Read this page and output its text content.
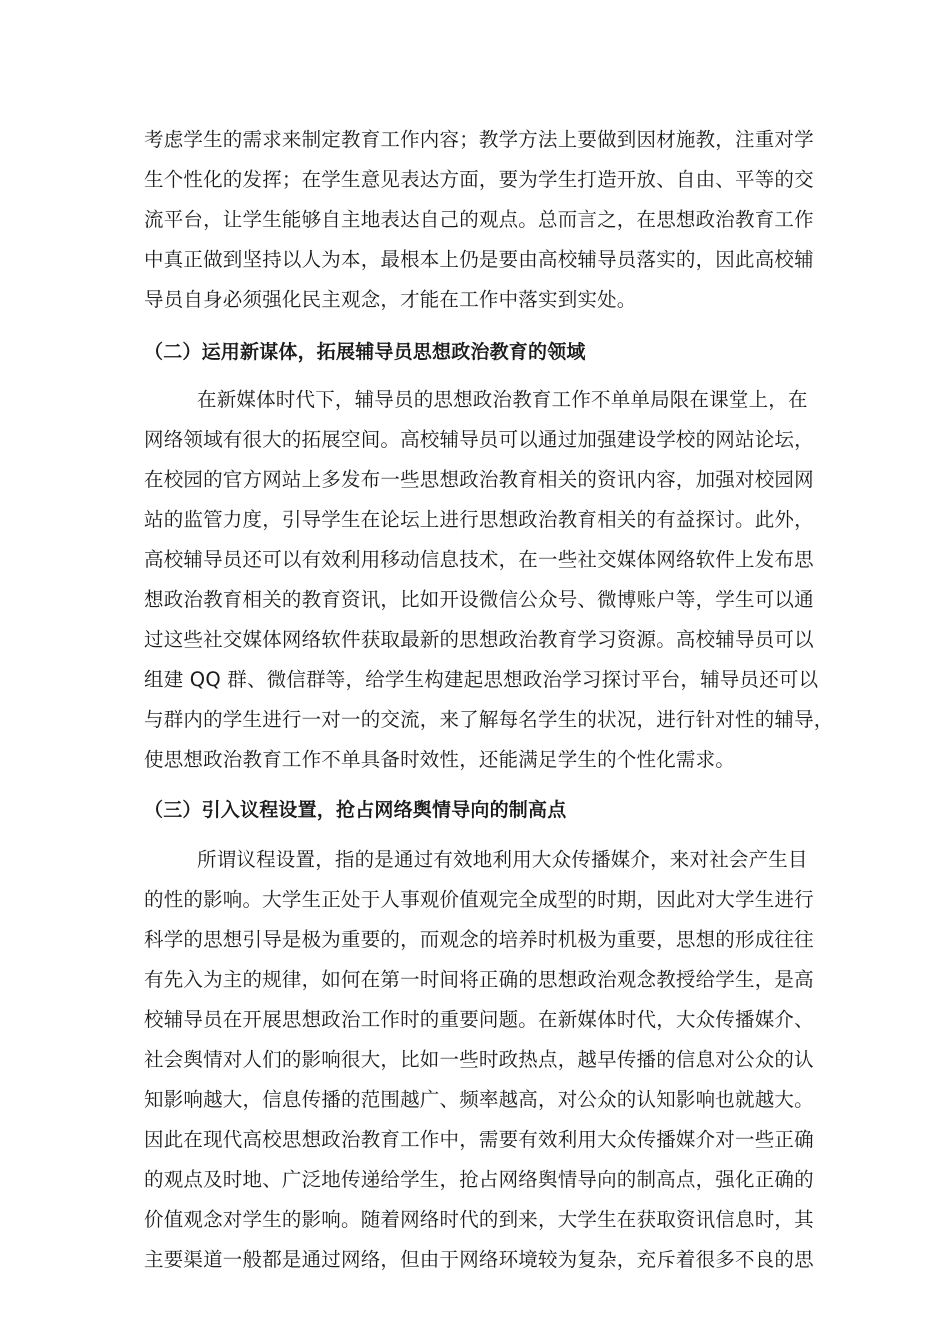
考虑学生的需求来制定教育工作内容；教学方法上要做到因材施教，注重对学
生个性化的发挥；在学生意见表达方面，要为学生打造开放、自由、平等的交
流平台，让学生能够自主地表达自己的观点。总而言之，在思想政治教育工作
中真正做到坚持以人为本，最根本上仍是要由高校辅导员落实的，因此高校辅
导员自身必须强化民主观念，才能在工作中落实到实处。
（二）运用新谋体，拓展辅导员思想政治教育的领域
在新媒体时代下，辅导员的思想政治教育工作不单单局限在课堂上，在
网络领域有很大的拓展空间。高校辅导员可以通过加强建设学校的网站论坛，
在校园的官方网站上多发布一些思想政治教育相关的资讯内容，加强对校园网
站的监管力度，引导学生在论坛上进行思想政治教育相关的有益探讨。此外，
高校辅导员还可以有效利用移动信息技术，在一些社交媒体网络软件上发布思
想政治教育相关的教育资讯，比如开设微信公众号、微博账户等，学生可以通
过这些社交媒体网络软件获取最新的思想政治教育学习资源。高校辅导员可以
组建 QQ 群、微信群等，给学生构建起思想政治学习探讨平台，辅导员还可以
与群内的学生进行一对一的交流，来了解每名学生的状况，进行针对性的辅导，
使思想政治教育工作不单具备时效性，还能满足学生的个性化需求。
（三）引入议程设置，抢占网络舆情导向的制高点
所谓议程设置，指的是通过有效地利用大众传播媒介，来对社会产生目
的性的影响。大学生正处于人事观价值观完全成型的时期，因此对大学生进行
科学的思想引导是极为重要的，而观念的培养时机极为重要，思想的形成往往
有先入为主的规律，如何在第一时间将正确的思想政治观念教授给学生，是高
校辅导员在开展思想政治工作时的重要问题。在新媒体时代，大众传播媒介、
社会舆情对人们的影响很大，比如一些时政热点，越早传播的信息对公众的认
知影响越大，信息传播的范围越广、频率越高，对公众的认知影响也就越大。
因此在现代高校思想政治教育工作中，需要有效利用大众传播媒介对一些正确
的观点及时地、广泛地传递给学生，抢占网络舆情导向的制高点，强化正确的
价值观念对学生的影响。随着网络时代的到来，大学生在获取资讯信息时，其
主要渠道一般都是通过网络，但由于网络环境较为复杂，充斥着很多不良的思
